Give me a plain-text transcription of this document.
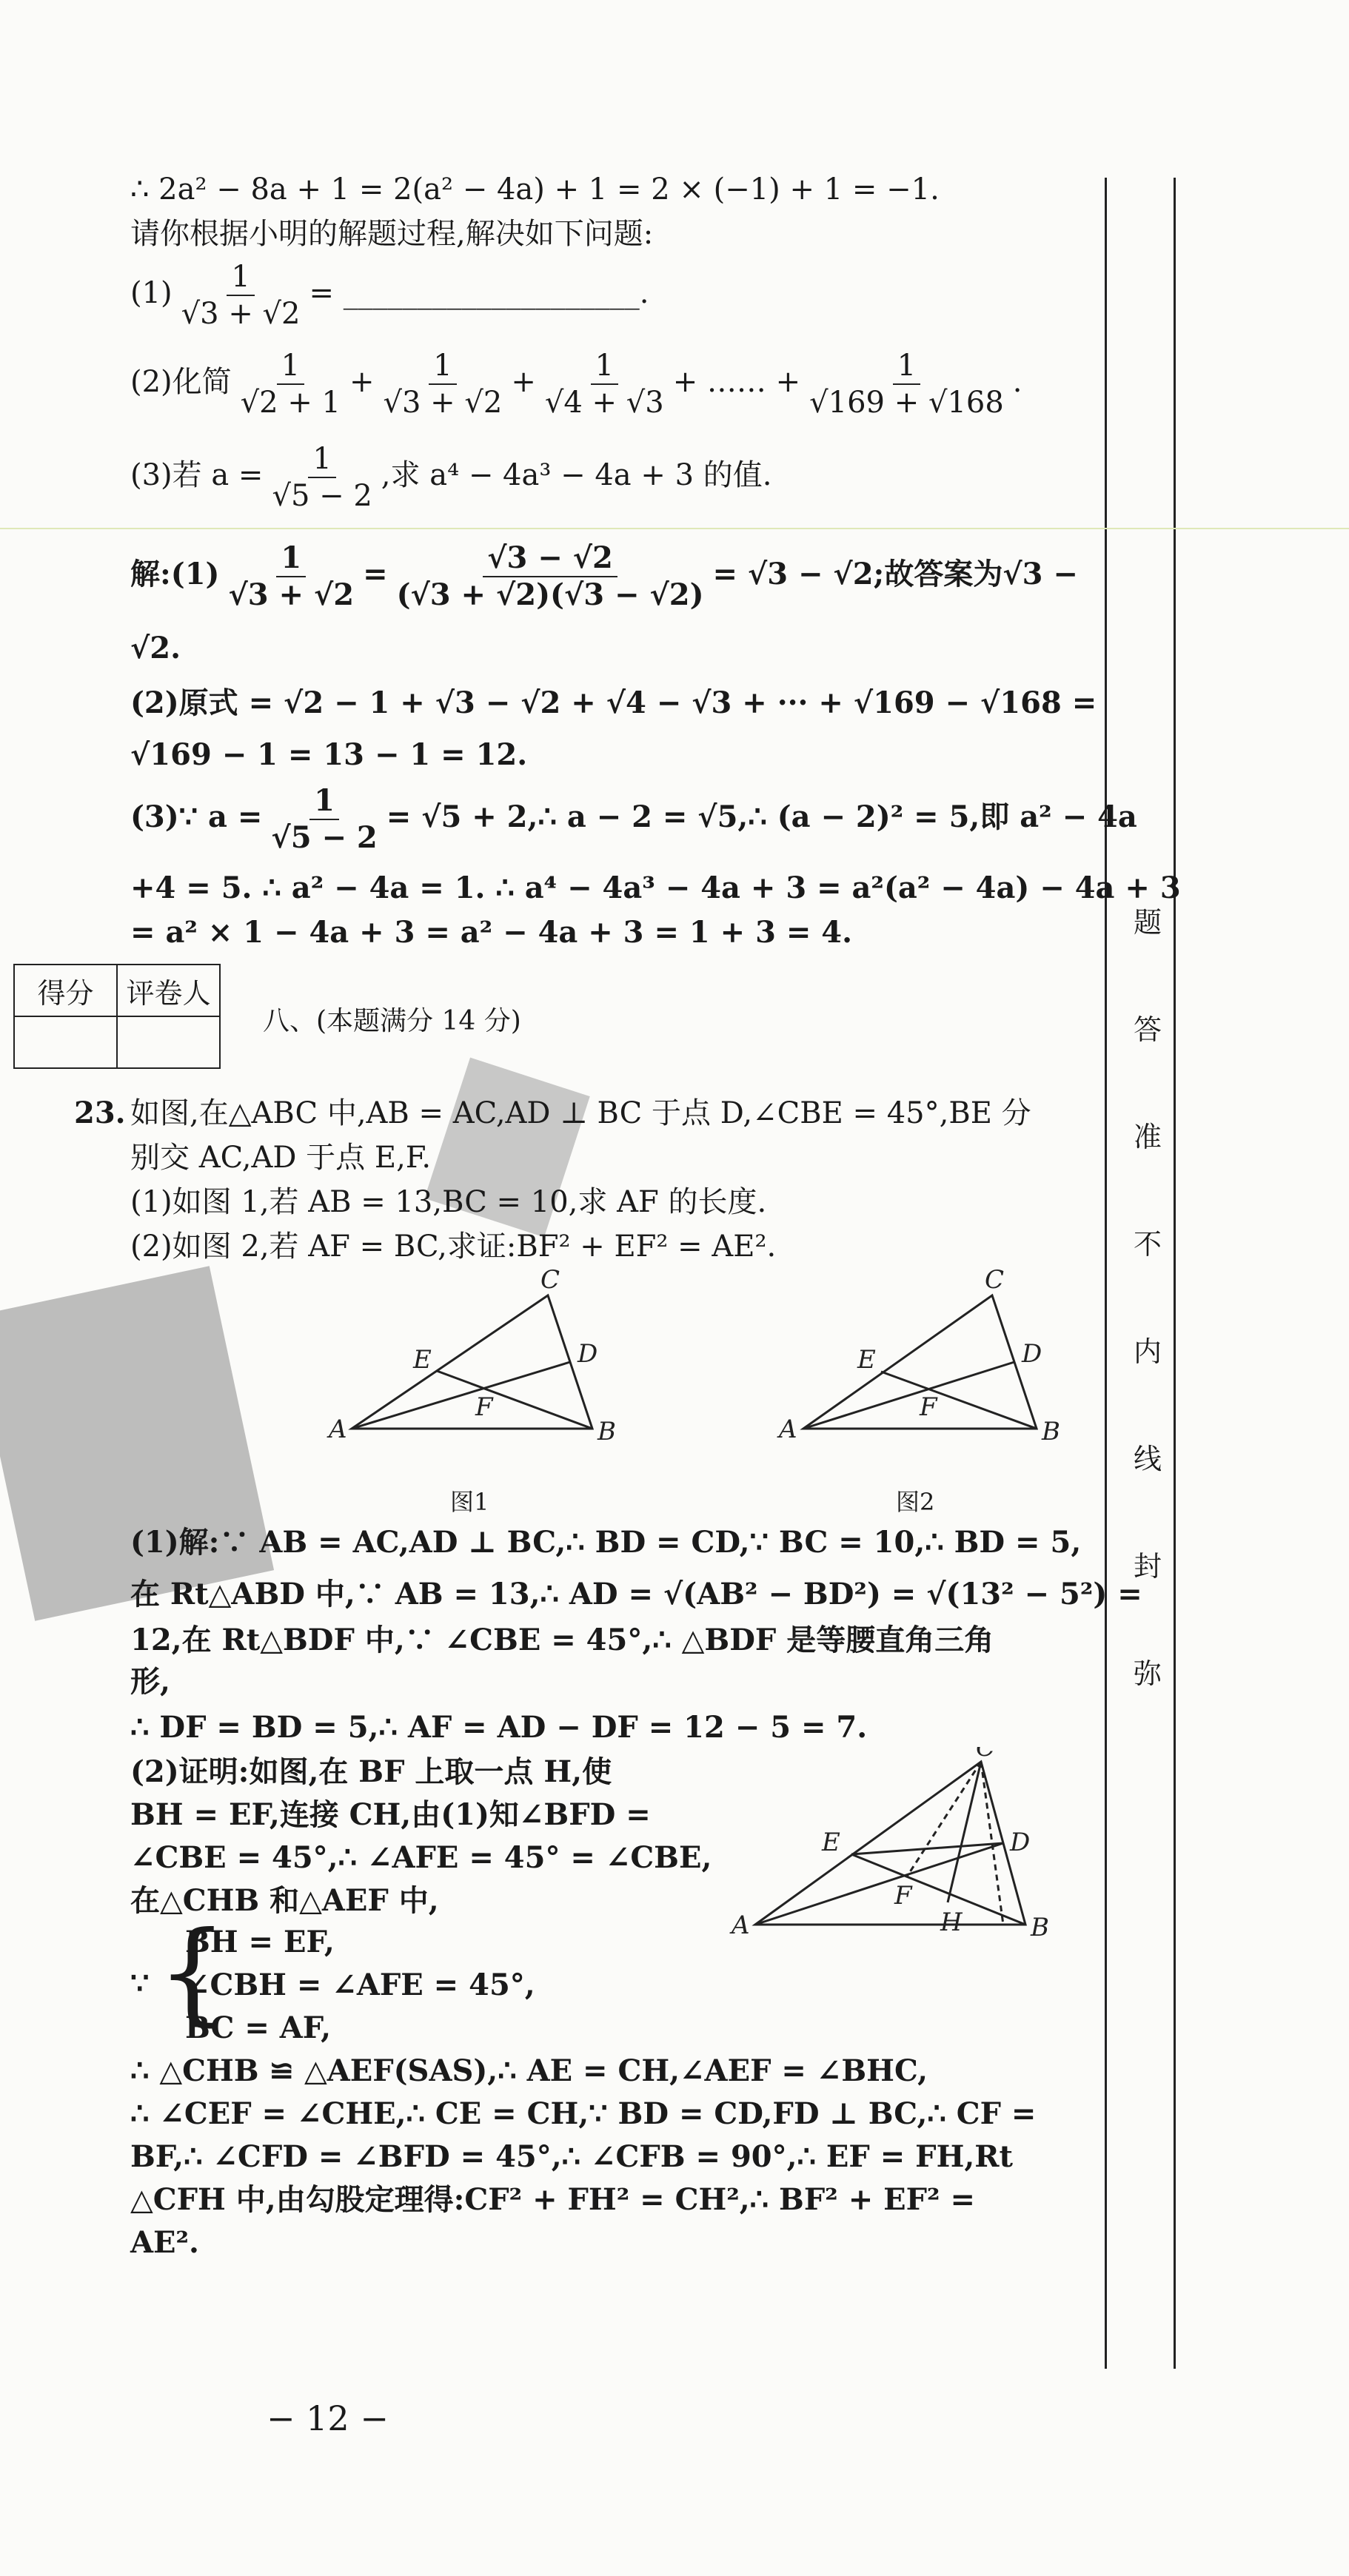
题
答
准
不
内
线
封
弥
∴ 2a² − 8a + 1 = 2(a² − 4a) + 1 = 2 × (−1) + 1 = −1.
请你根据小明的解题过程,解决如下问题:
$(1) \frac{1}{√3 + √2}$ = ____________________.
(2)化简 $\frac{1}{√2 + 1} + \frac{1}{√3 + √2} + \frac{1}{√4 + √3}$ + …… + $\frac{1}{√169 + √168}$ .
(3)若 $a = \frac{1}{√5 - 2}$ ,求 a⁴ − 4a³ − 4a + 3 的值.
解:(1) $\frac{1}{√3 + √2} = \frac{√3 - √2}{(√3 + √2)(√3 - √2)} = √3 - √2$;故答案为√3 −
√2.
(2)原式 = √2 − 1 + √3 − √2 + √4 − √3 + ··· + √169 − √168 =
√169 − 1 = 13 − 1 = 12.
(3)∵ $a = \frac{1}{√5 - 2} = √5$ + 2,∴ a − 2 = √5,∴ (a − 2)² = 5,即 a² − 4a
+4 = 5. ∴ a² − 4a = 1. ∴ a⁴ − 4a³ − 4a + 3 = a²(a² − 4a) − 4a + 3
= a² × 1 − 4a + 3 = a² − 4a + 3 = 1 + 3 = 4.
得分	评卷人

八、(本题满分 14 分)
23. 如图,在△ABC 中,AB = AC,AD ⊥ BC 于点 D,∠CBE = 45°,BE 分
别交 AC,AD 于点 E,F.
(1)如图 1,若 AB = 13,BC = 10,求 AF 的长度.
(2)如图 2,若 AF = BC,求证:BF² + EF² = AE².
A	B
C
D
E
F
图1
A	B
C
D
E
F
图2
(1)解:∵ AB = AC,AD ⊥ BC,∴ BD = CD,∵ BC = 10,∴ BD = 5,
在 Rt△ABD 中,∵ AB = 13,∴ AD = √(AB² − BD²) = √(13² − 5²) =
12,在 Rt△BDF 中,∵ ∠CBE = 45°,∴ △BDF 是等腰直角三角
形,
∴ DF = BD = 5,∴ AF = AD − DF = 12 − 5 = 7.
(2)证明:如图,在 BF 上取一点 H,使
BH = EF,连接 CH,由(1)知∠BFD =
∠CBE = 45°,∴ ∠AFE = 45° = ∠CBE,
在△CHB 和△AEF 中,
∵ {
BH = EF,
∠CBH = ∠AFE = 45°,
BC = AF,
A	B
C
D
E
F
H
∴ △CHB ≌ △AEF(SAS),∴ AE = CH,∠AEF = ∠BHC,
∴ ∠CEF = ∠CHE,∴ CE = CH,∵ BD = CD,FD ⊥ BC,∴ CF =
BF,∴ ∠CFD = ∠BFD = 45°,∴ ∠CFB = 90°,∴ EF = FH,Rt
△CFH 中,由勾股定理得:CF² + FH² = CH²,∴ BF² + EF² =
AE².
− 12 −
